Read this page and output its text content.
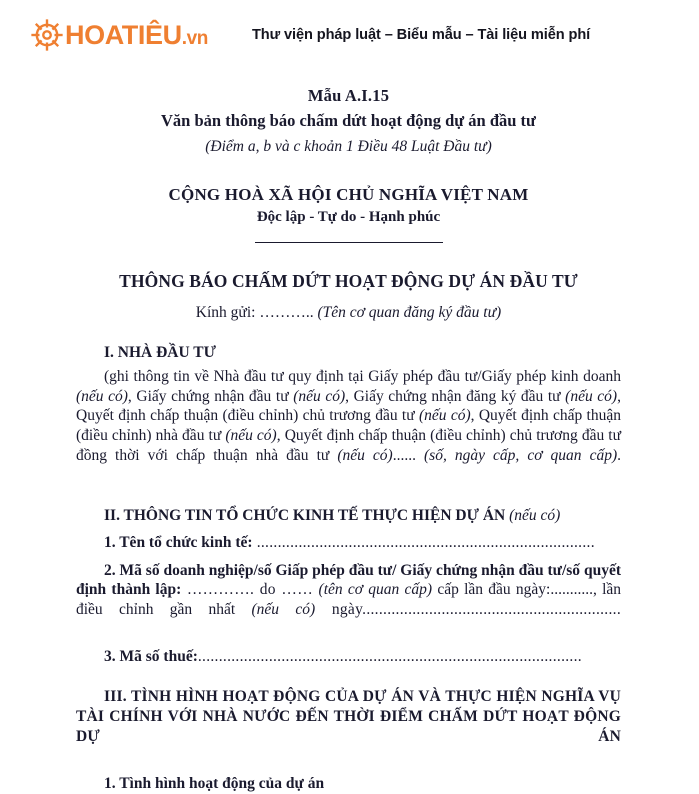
HOATIÊU.vn	Thư viện pháp luật – Biểu mẫu – Tài liệu miễn phí
Mẫu A.I.15
Văn bản thông báo chấm dứt hoạt động dự án đầu tư
(Điểm a, b và c khoản 1 Điều 48 Luật Đầu tư)
CỘNG HOÀ XÃ HỘI CHỦ NGHĨA VIỆT NAM
Độc lập - Tự do - Hạnh phúc
THÔNG BÁO CHẤM DỨT HOẠT ĐỘNG DỰ ÁN ĐẦU TƯ
Kính gửi: ……….. (Tên cơ quan đăng ký đầu tư)
I. NHÀ ĐẦU TƯ
(ghi thông tin về Nhà đầu tư quy định tại Giấy phép đầu tư/Giấy phép kinh doanh (nếu có), Giấy chứng nhận đầu tư (nếu có), Giấy chứng nhận đăng ký đầu tư (nếu có), Quyết định chấp thuận (điều chỉnh) chủ trương đầu tư (nếu có), Quyết định chấp thuận (điều chỉnh) nhà đầu tư (nếu có), Quyết định chấp thuận (điều chỉnh) chủ trương đầu tư đồng thời với chấp thuận nhà đầu tư (nếu có)...... (số, ngày cấp, cơ quan cấp).
II. THÔNG TIN TỔ CHỨC KINH TẾ THỰC HIỆN DỰ ÁN (nếu có)
1. Tên tổ chức kinh tế: .................................................................................
2. Mã số doanh nghiệp/số Giấp phép đầu tư/ Giấy chứng nhận đầu tư/số quyết định thành lập: …………. do …… (tên cơ quan cấp) cấp lần đầu ngày:..........., lần điều chỉnh gần nhất (nếu có) ngày..............................................................
3. Mã số thuế:............................................................................................
III. TÌNH HÌNH HOẠT ĐỘNG CỦA DỰ ÁN VÀ THỰC HIỆN NGHĨA VỤ TÀI CHÍNH VỚI NHÀ NƯỚC ĐẾN THỜI ĐIỂM CHẤM DỨT HOẠT ĐỘNG DỰ ÁN
1. Tình hình hoạt động của dự án
